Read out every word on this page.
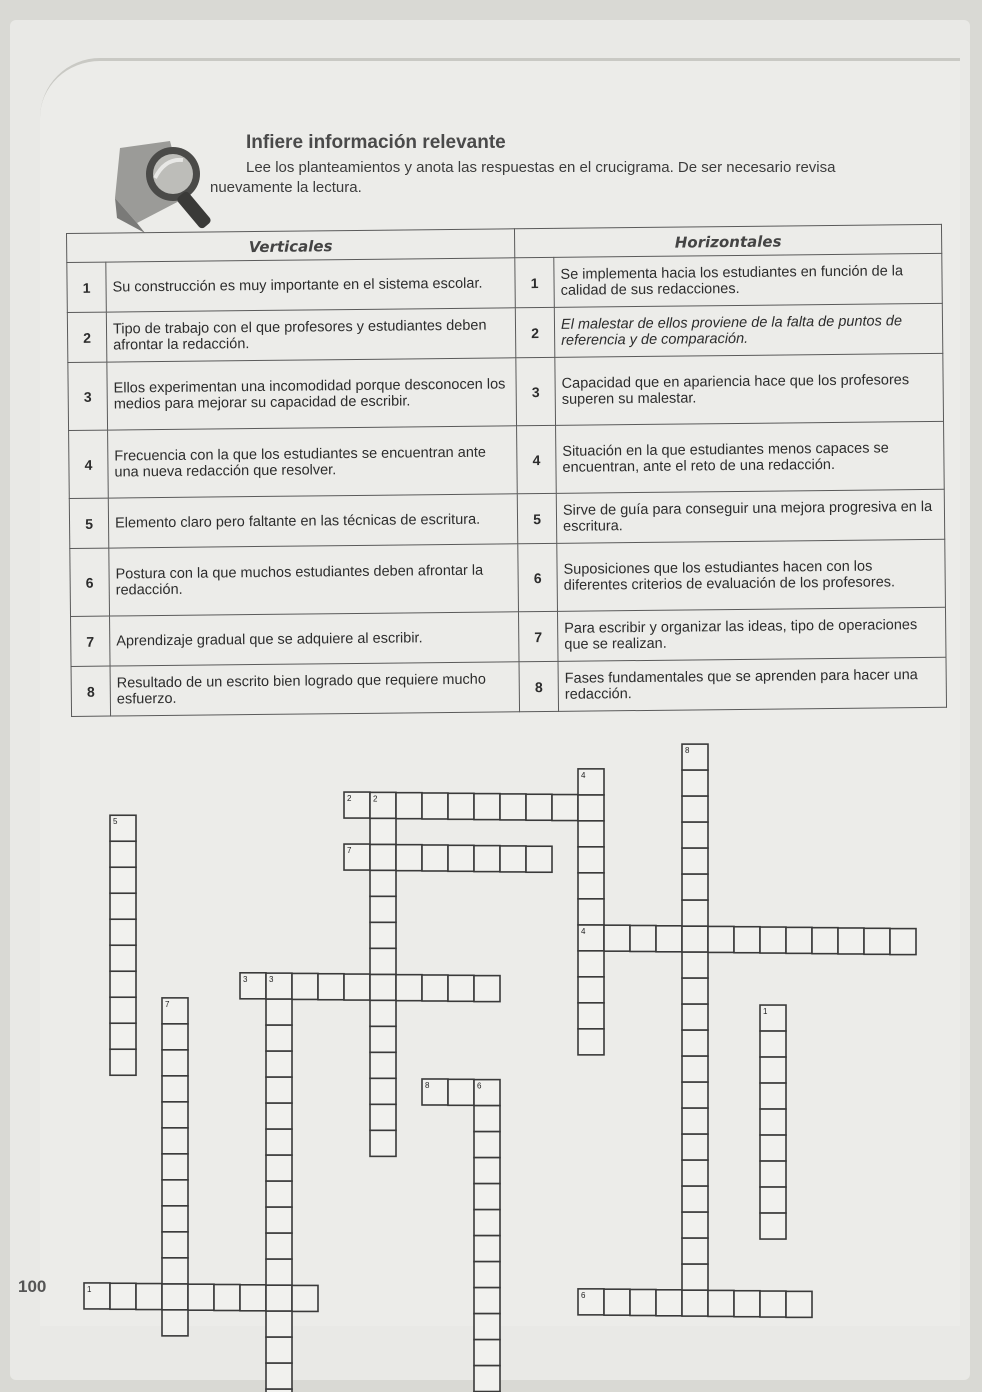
Infiere información relevante

Lee los planteamientos y anota las respuestas en el crucigrama. De ser necesario revisa nuevamente la lectura.

Verticales		Horizontales	
1	Su construcción es muy importante en el sistema escolar.	1	Se implementa hacia los estudiantes en función de la calidad de sus redacciones.
2	Tipo de trabajo con el que profesores y estudiantes deben afrontar la redacción.	2	El malestar de ellos proviene de la falta de puntos de referencia y de comparación.
3	Ellos experimentan una incomodidad porque desconocen los medios para mejorar su capacidad de escribir.	3	Capacidad que en apariencia hace que los profesores superen su malestar.
4	Frecuencia con la que los estudiantes se encuentran ante una nueva redacción que resolver.	4	Situación en la que estudiantes menos capaces se encuentran, ante el reto de una redacción.
5	Elemento claro pero faltante en las técnicas de escritura.	5	Sirve de guía para conseguir una mejora progresiva en la escritura.
6	Postura con la que muchos estudiantes deben afrontar la redacción.	6	Suposiciones que los estudiantes hacen con los diferentes criterios de evaluación de los profesores.
7	Aprendizaje gradual que se adquiere al escribir.	7	Para escribir y organizar las ideas, tipo de operaciones que se realizan.
8	Resultado de un escrito bien logrado que requiere mucho esfuerzo.	8	Fases fundamentales que se aprenden para hacer una redacción.
1
2
3
4
6
7
8
1
2
3
4
5
6
7
8
100
